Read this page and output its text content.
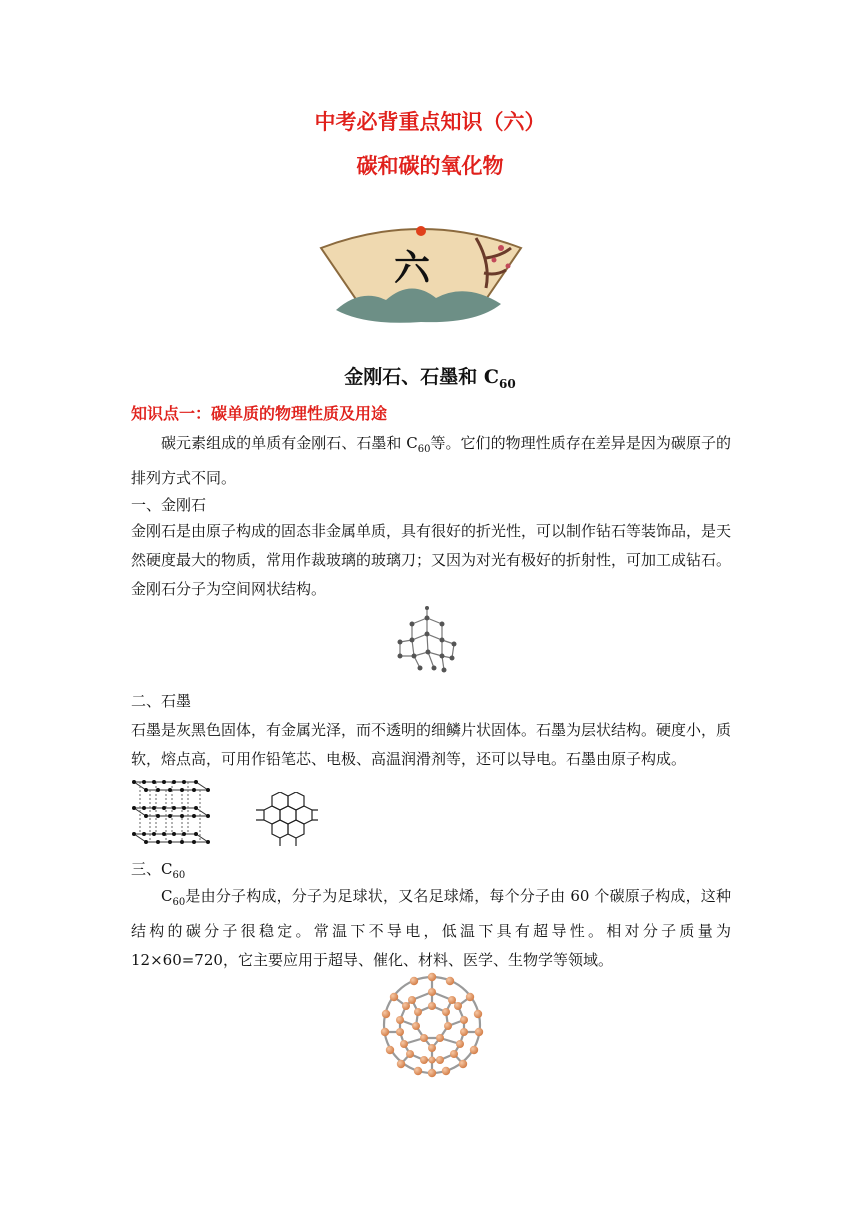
中考必背重点知识（六）
碳和碳的氧化物
六
金刚石、石墨和 $C_{60}$
知识点一：碳单质的物理性质及用途
碳元素组成的单质有金刚石、石墨和 $C_{60}$等。它们的物理性质存在差异是因为碳原子的排列方式不同。
一、金刚石
金刚石是由原子构成的固态非金属单质，具有很好的折光性，可以制作钻石等装饰品，是天然硬度最大的物质，常用作裁玻璃的玻璃刀；又因为对光有极好的折射性，可加工成钻石。金刚石分子为空间网状结构。
二、石墨
石墨是灰黑色固体，有金属光泽，而不透明的细鳞片状固体。石墨为层状结构。硬度小，质软，熔点高，可用作铅笔芯、电极、高温润滑剂等，还可以导电。石墨由原子构成。
三、$C_{60}$
$C_{60}$是由分子构成，分子为足球状，又名足球烯，每个分子由 60 个碳原子构成，这种结构的碳分子很稳定。常温下不导电，低温下具有超导性。相对分子质量为 12×60=720，它主要应用于超导、催化、材料、医学、生物学等领域。
